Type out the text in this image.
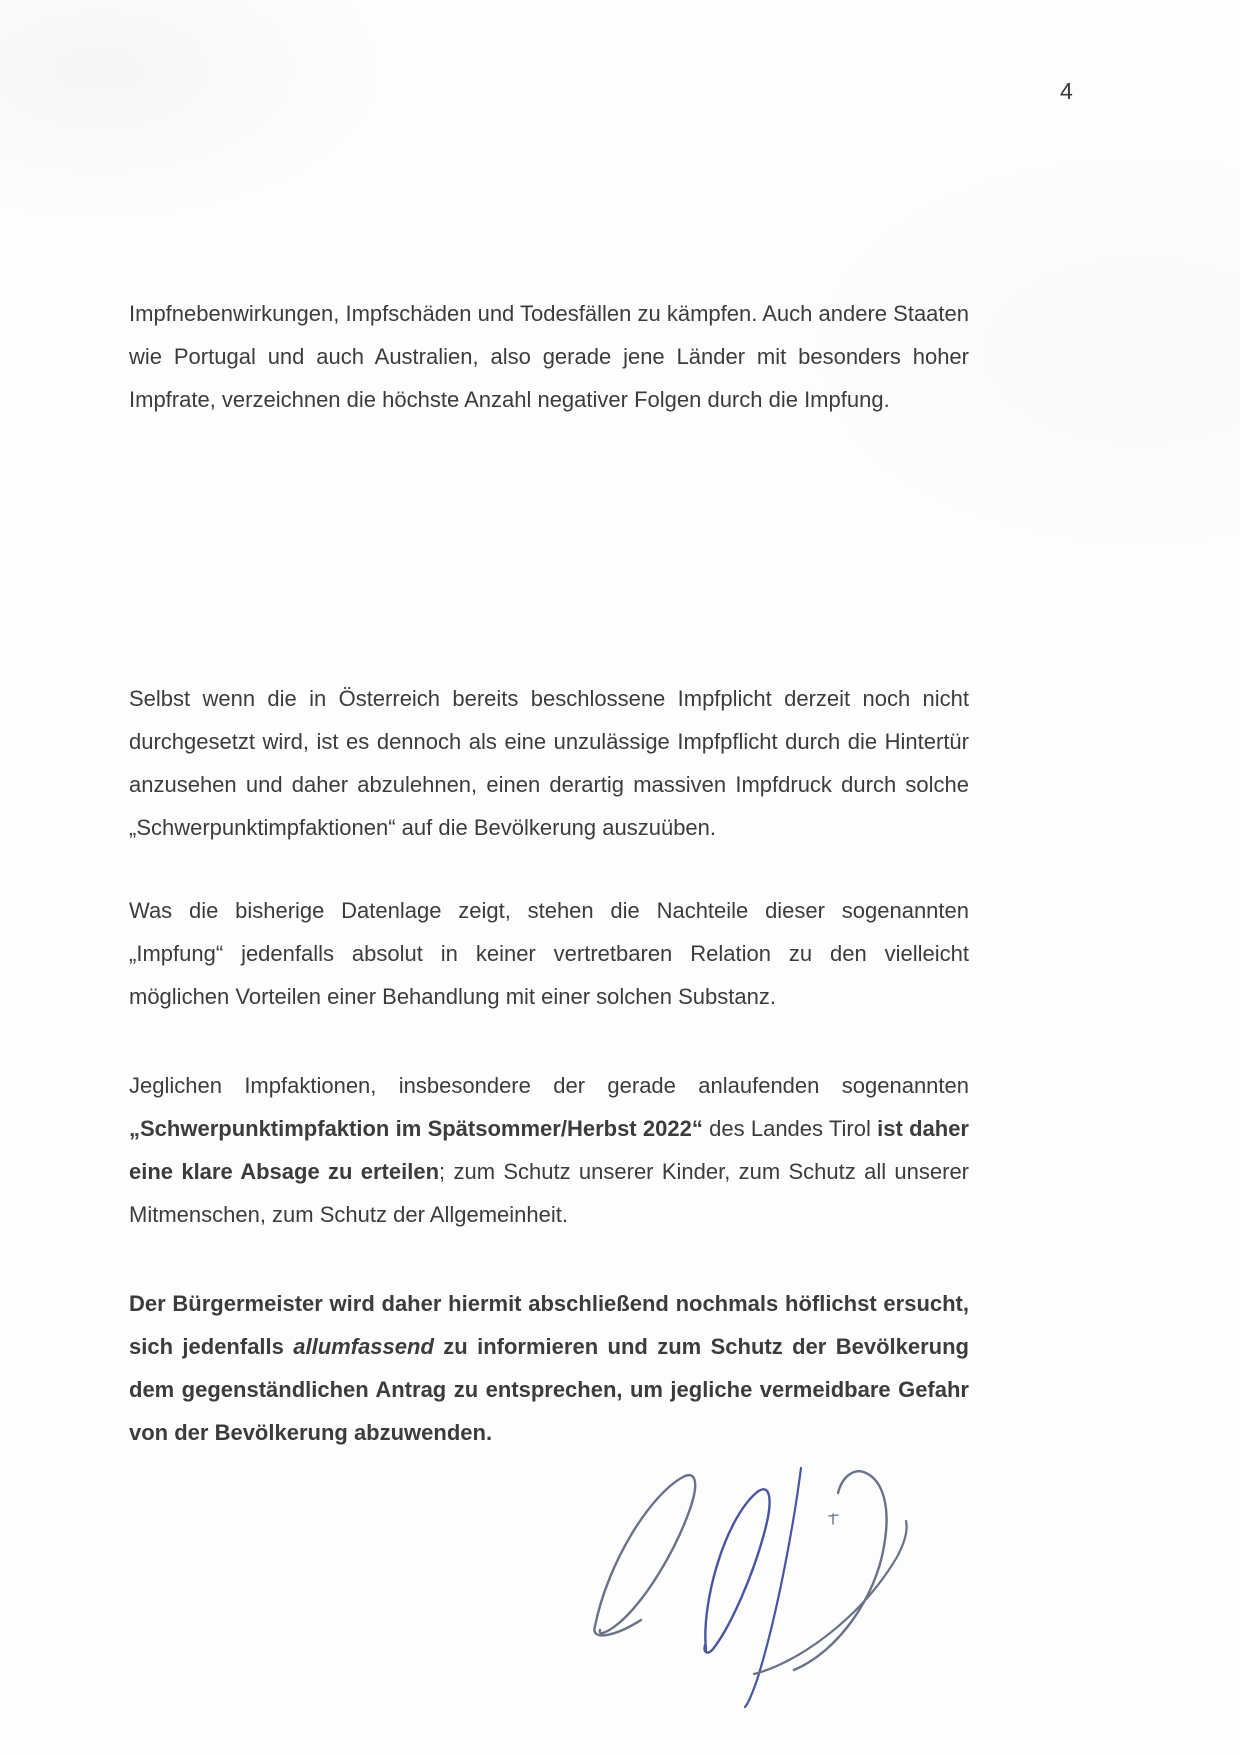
4

Impfnebenwirkungen, Impfschäden und Todesfällen zu kämpfen. Auch andere Staaten wie Portugal und auch Australien, also gerade jene Länder mit besonders hoher Impfrate, verzeichnen die höchste Anzahl negativer Folgen durch die Impfung.

Selbst wenn die in Österreich bereits beschlossene Impfplicht derzeit noch nicht durchgesetzt wird, ist es dennoch als eine unzulässige Impfpflicht durch die Hintertür anzusehen und daher abzulehnen, einen derartig massiven Impfdruck durch solche „Schwerpunktimpfaktionen“ auf die Bevölkerung auszuüben.

Was die bisherige Datenlage zeigt, stehen die Nachteile dieser sogenannten „Impfung“ jedenfalls absolut in keiner vertretbaren Relation zu den vielleicht möglichen Vorteilen einer Behandlung mit einer solchen Substanz.

Jeglichen Impfaktionen, insbesondere der gerade anlaufenden sogenannten „Schwerpunktimpfaktion im Spätsommer/Herbst 2022“ des Landes Tirol ist daher eine klare Absage zu erteilen; zum Schutz unserer Kinder, zum Schutz all unserer Mitmenschen, zum Schutz der Allgemeinheit.

Der Bürgermeister wird daher hiermit abschließend nochmals höflichst ersucht, sich jedenfalls allumfassend zu informieren und zum Schutz der Bevölkerung dem gegenständlichen Antrag zu entsprechen, um jegliche vermeidbare Gefahr von der Bevölkerung abzuwenden.
